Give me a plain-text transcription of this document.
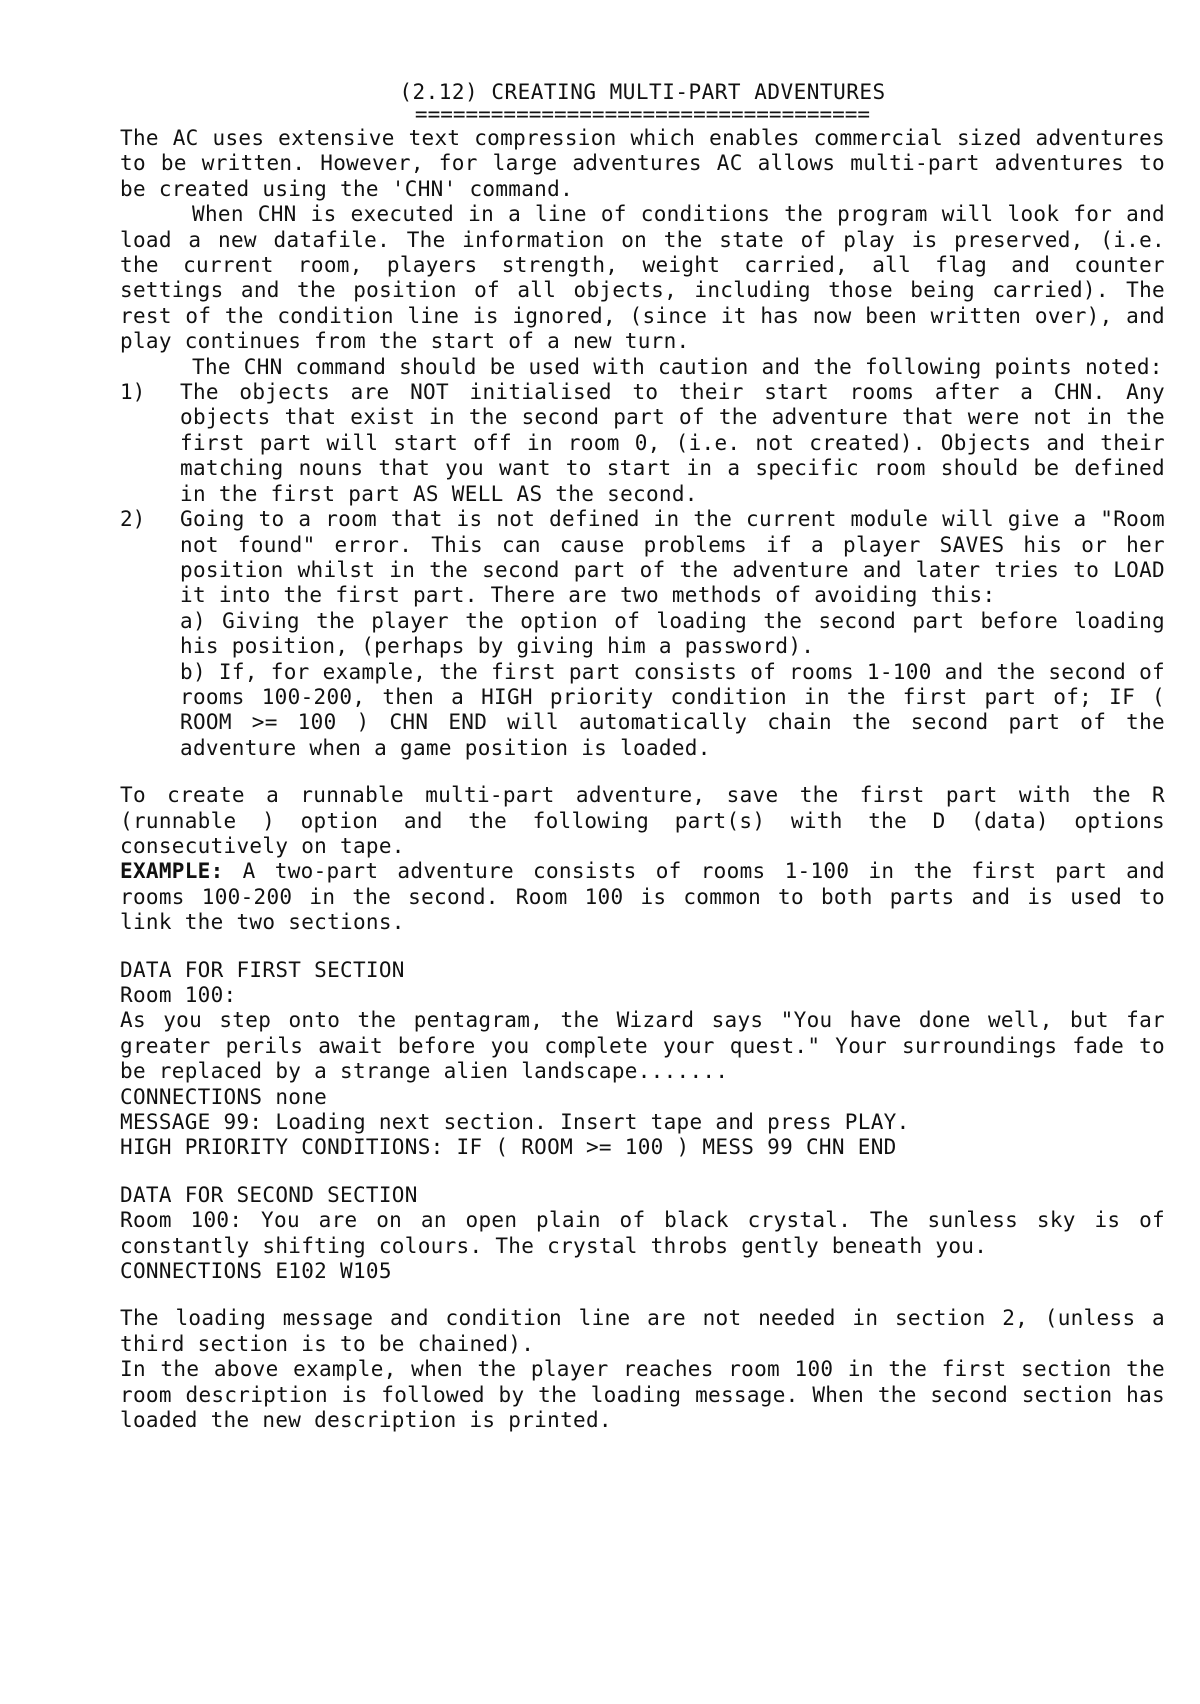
(2.12) CREATING MULTI-PART ADVENTURES
====================================

The AC uses extensive text compression which enables commercial sized adventures to be written. However, for large adventures AC allows multi-part adventures to be created using the 'CHN' command.

When CHN is executed in a line of conditions the program will look for and load a new datafile. The information on the state of play is preserved, (i.e. the current room, players strength, weight carried, all flag and counter settings and the position of all objects, including those being carried). The rest of the condition line is ignored, (since it has now been written over), and play continues from the start of a new turn.

The CHN command should be used with caution and the following points noted:

1)	The objects are NOT initialised to their start rooms after a CHN. Any objects that exist in the second part of the adventure that were not in the first part will start off in room 0, (i.e. not created). Objects and their matching nouns that you want to start in a specific room should be defined in the first part AS WELL AS the second.

2)	Going to a room that is not defined in the current module will give a "Room not found" error. This can cause problems if a player SAVES his or her position whilst in the second part of the adventure and later tries to LOAD it into the first part. There are two methods of avoiding this:

a) Giving the player the option of loading the second part before loading his position, (perhaps by giving him a password).

b) If, for example, the first part consists of rooms 1-100 and the second of rooms 100-200, then a HIGH priority condition in the first part of; IF ( ROOM >= 100 ) CHN END will automatically chain the second part of the adventure when a game position is loaded.

To create a runnable multi-part adventure, save the first part with the R (runnable ) option and the following part(s) with the D (data) options consecutively on tape.

EXAMPLE: A two-part adventure consists of rooms 1-100 in the first part and rooms 100-200 in the second. Room 100 is common to both parts and is used to link the two sections.

DATA FOR FIRST SECTION

Room 100:

As you step onto the pentagram, the Wizard says "You have done well, but far greater perils await before you complete your quest." Your surroundings fade to be replaced by a strange alien landscape.......

CONNECTIONS none

MESSAGE 99: Loading next section. Insert tape and press PLAY.

HIGH PRIORITY CONDITIONS: IF ( ROOM >= 100 ) MESS 99 CHN END

DATA FOR SECOND SECTION

Room 100: You are on an open plain of black crystal. The sunless sky is of constantly shifting colours. The crystal throbs gently beneath you.

CONNECTIONS E102 W105

The loading message and condition line are not needed in section 2, (unless a third section is to be chained).

In the above example, when the player reaches room 100 in the first section the room description is followed by the loading message. When the second section has loaded the new description is printed.
